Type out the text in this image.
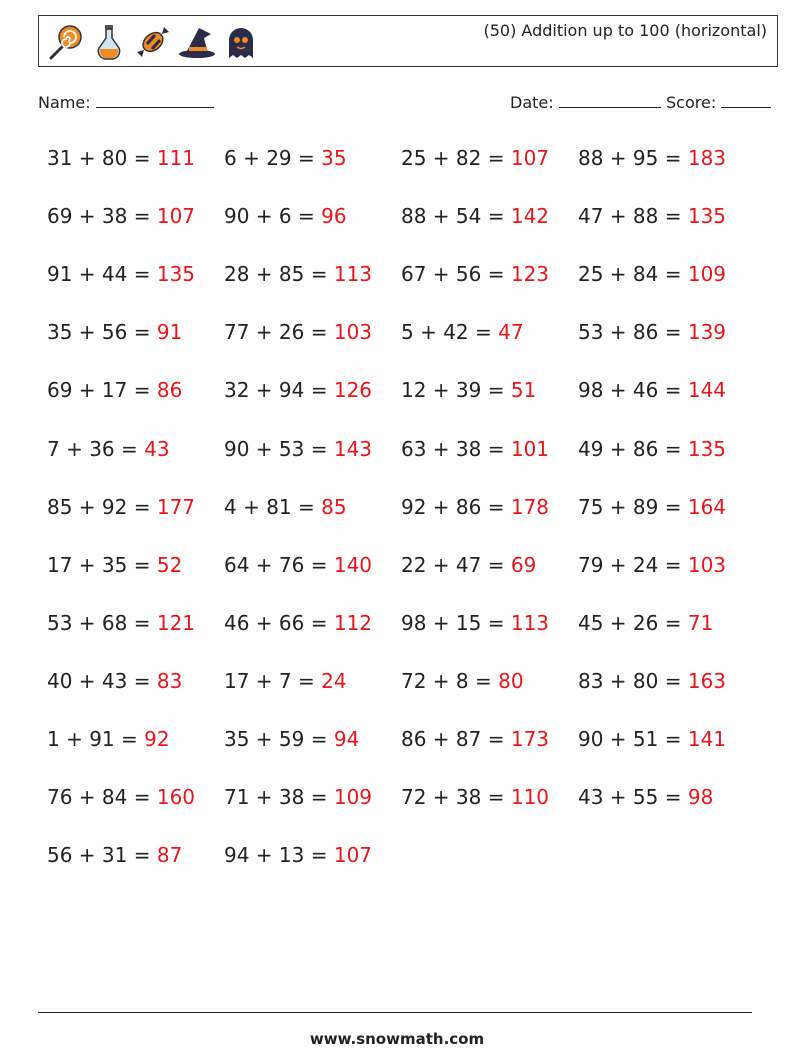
(50) Addition up to 100 (horizontal)
Name:	Date:	Score:
31 + 80 = 111
69 + 38 = 107
91 + 44 = 135
35 + 56 = 91
69 + 17 = 86
7 + 36 = 43
85 + 92 = 177
17 + 35 = 52
53 + 68 = 121
40 + 43 = 83
1 + 91 = 92
76 + 84 = 160
56 + 31 = 87
6 + 29 = 35
90 + 6 = 96
28 + 85 = 113
77 + 26 = 103
32 + 94 = 126
90 + 53 = 143
4 + 81 = 85
64 + 76 = 140
46 + 66 = 112
17 + 7 = 24
35 + 59 = 94
71 + 38 = 109
94 + 13 = 107
25 + 82 = 107
88 + 54 = 142
67 + 56 = 123
5 + 42 = 47
12 + 39 = 51
63 + 38 = 101
92 + 86 = 178
22 + 47 = 69
98 + 15 = 113
72 + 8 = 80
86 + 87 = 173
72 + 38 = 110
88 + 95 = 183
47 + 88 = 135
25 + 84 = 109
53 + 86 = 139
98 + 46 = 144
49 + 86 = 135
75 + 89 = 164
79 + 24 = 103
45 + 26 = 71
83 + 80 = 163
90 + 51 = 141
43 + 55 = 98
www.snowmath.com
